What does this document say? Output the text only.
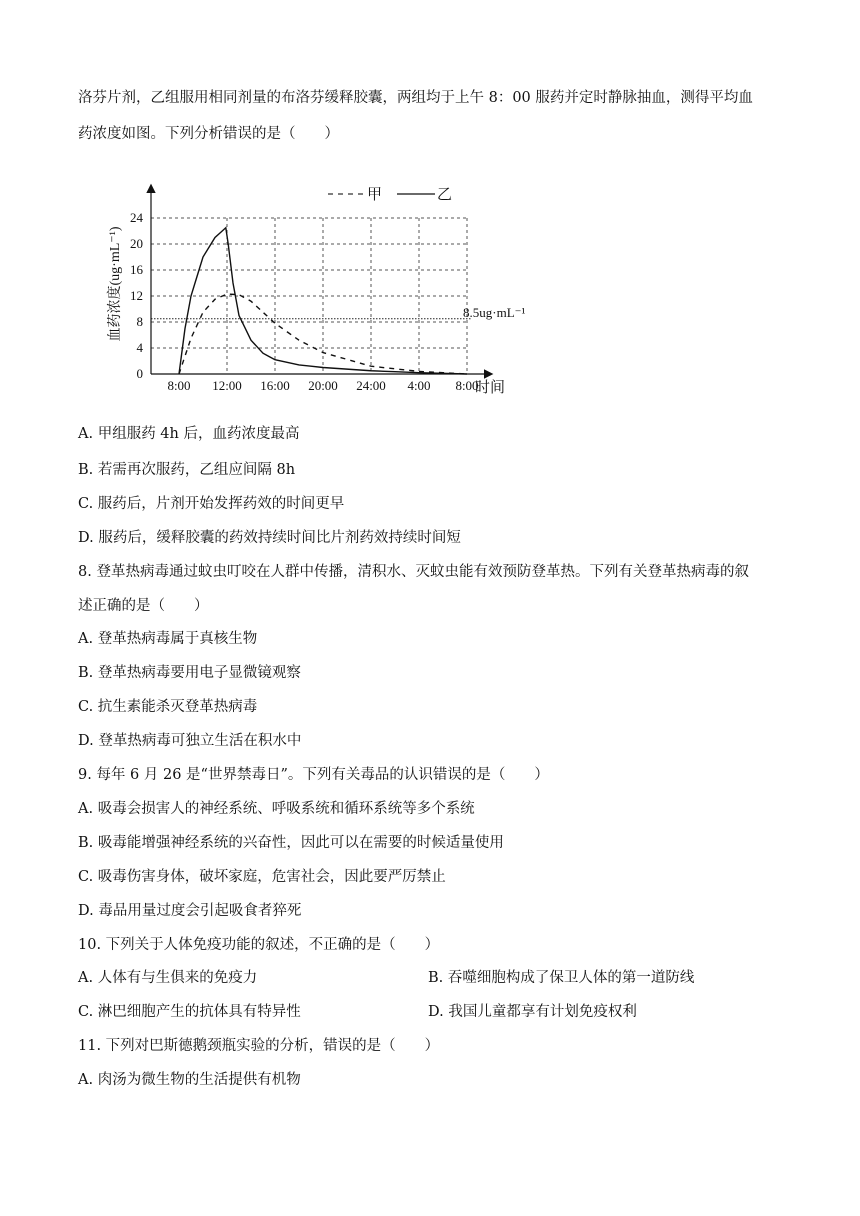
洛芬片剂，乙组服用相同剂量的布洛芬缓释胶囊，两组均于上午 8：00 服药并定时静脉抽血，测得平均血
药浓度如图。下列分析错误的是（　　）
8:00 12:00 16:00 20:00 24:00 4:00 8:00
0
4
8
12
16
20
24
血药浓度(ug·mL⁻¹)
时间
甲	乙
8.5ug·mL⁻¹
A. 甲组服药 4h 后，血药浓度最高
B. 若需再次服药，乙组应间隔 8h
C. 服药后，片剂开始发挥药效的时间更早
D. 服药后，缓释胶囊的药效持续时间比片剂药效持续时间短
8. 登革热病毒通过蚊虫叮咬在人群中传播，清积水、灭蚊虫能有效预防登革热。下列有关登革热病毒的叙
述正确的是（　　）
A. 登革热病毒属于真核生物
B. 登革热病毒要用电子显微镜观察
C. 抗生素能杀灭登革热病毒
D. 登革热病毒可独立生活在积水中
9. 每年 6 月 26 是“世界禁毒日”。下列有关毒品的认识错误的是（　　）
A. 吸毒会损害人的神经系统、呼吸系统和循环系统等多个系统
B. 吸毒能增强神经系统的兴奋性，因此可以在需要的时候适量使用
C. 吸毒伤害身体，破坏家庭，危害社会，因此要严厉禁止
D. 毒品用量过度会引起吸食者猝死
10. 下列关于人体免疫功能的叙述，不正确的是（　　）
A. 人体有与生俱来的免疫力	B. 吞噬细胞构成了保卫人体的第一道防线
C. 淋巴细胞产生的抗体具有特异性	D. 我国儿童都享有计划免疫权利
11. 下列对巴斯德鹅颈瓶实验的分析，错误的是（　　）
A. 肉汤为微生物的生活提供有机物
